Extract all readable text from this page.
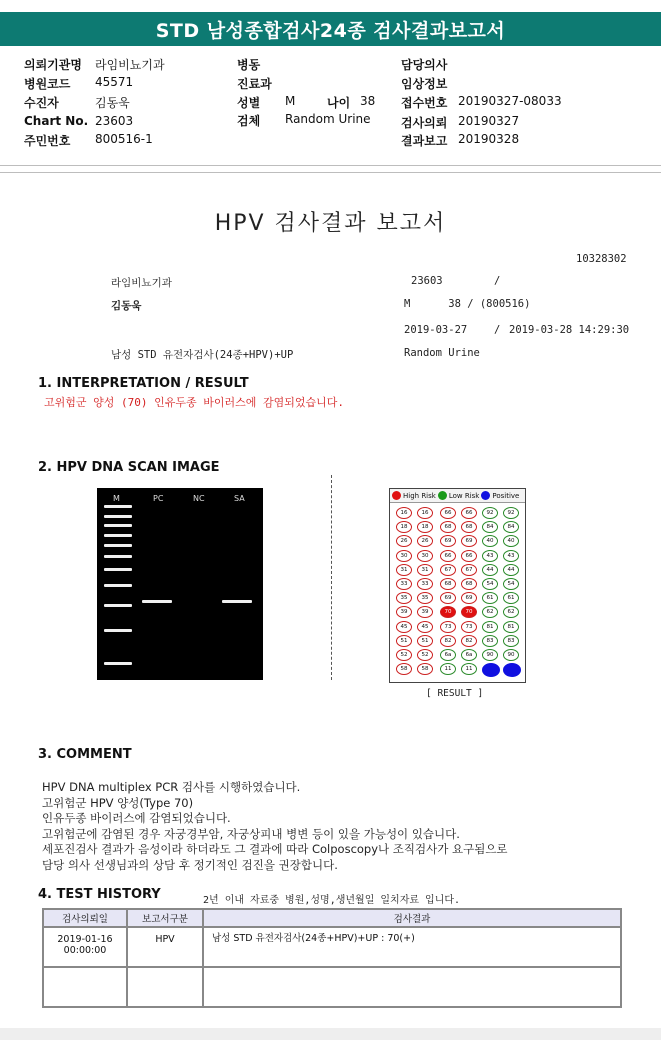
STD 남성종합검사24종 검사결과보고서
의뢰기관명 라임비뇨기과
병원코드 45571
수진자	김동욱
Chart No. 23603
주민번호 800516-1
병동
진료과
성별 M	나이 38
검체 Random Urine
담당의사
임상정보
접수번호 20190327-08033
검사의뢰 20190327
결과보고 20190328
HPV 검사결과 보고서
10328302
라임비뇨기과	23603	/
김동욱	M      38 / (800516)
2019-03-27	/ 2019-03-28 14:29:30
남성 STD 유전자검사(24종+HPV)+UP	Random Urine
1. INTERPRETATION / RESULT
고위험군 양성 (70) 인유두종 바이러스에 감염되었습니다.
2. HPV DNA SCAN IMAGE
M	PC	NC	SA	High Risk Low Risk Positive
16	16	66	66	92	92
18	18	68	68	84	84
26	26	69	69	40	40
30	30	66	66	43	43
31	31	67	67	44	44
33	33	68	68	54	54
35	35	69	69	61	61
39	39	70	70	62	62
45	45	73	73	81	81
51	51	82	82	83	83
52	52	6a	6a	90	90
58	58	11	11
[ RESULT ]
3. COMMENT
HPV DNA multiplex PCR 검사를 시행하였습니다.
고위험군 HPV 양성(Type 70)
인유두종 바이러스에 감염되었습니다.
고위험군에 감염된 경우 자궁경부암, 자궁상피내 병변 등이 있을 가능성이 있습니다.
세포진검사 결과가 음성이라 하더라도 그 결과에 따라 Colposcopy나 조직검사가 요구됨으로
담당 의사 선생님과의 상담 후 정기적인 검진을 권장합니다.
4. TEST HISTORY	2년 이내 자료중 병원,성명,생년월일 일치자료 입니다.
검사의뢰일	보고서구분	검사결과

2019-01-16
00:00:00	HPV	남성 STD 유전자검사(24종+HPV)+UP : 70(+)
